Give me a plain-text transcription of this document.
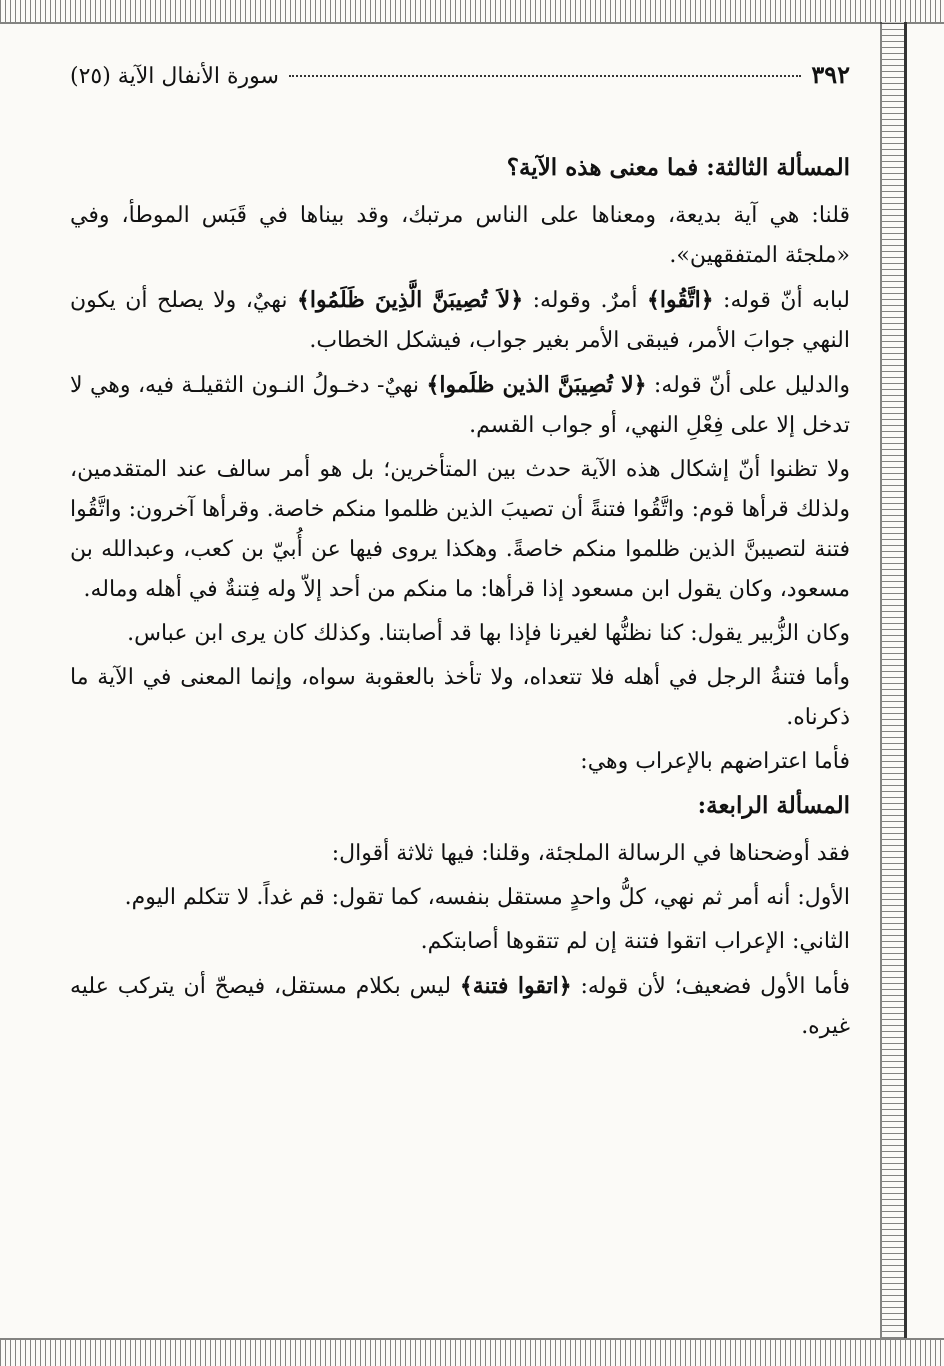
٣٩٢
سورة الأنفال الآية (٢٥)
المسألة الثالثة: فما معنى هذه الآية؟

قلنا: هي آية بديعة، ومعناها على الناس مرتبك، وقد بيناها في قَبَس الموطأ، وفي «ملجئة المتفقهين».

لبابه أنّ قوله: ﴿اتَّقُوا﴾ أمرٌ. وقوله: ﴿لاَ تُصِيبَنَّ الَّذِينَ ظَلَمُوا﴾ نهيٌ، ولا يصلح أن يكون النهي جوابَ الأمر، فيبقى الأمر بغير جواب، فيشكل الخطاب.

والدليل على أنّ قوله: ﴿لا تُصِيبَنَّ الذين ظلَموا﴾ نهيٌ- دخـولُ النـون الثقيلـة فيه، وهي لا تدخل إلا على فِعْلِ النهي، أو جواب القسم.

ولا تظنوا أنّ إشكال هذه الآية حدث بين المتأخرين؛ بل هو أمر سالف عند المتقدمين، ولذلك قرأها قوم: واتَّقُوا فتنةً أن تصيبَ الذين ظلموا منكم خاصة. وقرأها آخرون: واتَّقُوا فتنة لتصيبنَّ الذين ظلموا منكم خاصةً. وهكذا يروى فيها عن أُبيّ بن كعب، وعبدالله بن مسعود، وكان يقول ابن مسعود إذا قرأها: ما منكم من أحد إلاّ وله فِتنةٌ في أهله وماله.

وكان الزُّبير يقول: كنا نظنُّها لغيرنا فإذا بها قد أصابتنا. وكذلك كان يرى ابن عباس.

وأما فتنةُ الرجل في أهله فلا تتعداه، ولا تأخذ بالعقوبة سواه، وإنما المعنى في الآية ما ذكرناه.

فأما اعتراضهم بالإعراب وهي:

المسألة الرابعة:

فقد أوضحناها في الرسالة الملجئة، وقلنا: فيها ثلاثة أقوال:

الأول: أنه أمر ثم نهي، كلُّ واحدٍ مستقل بنفسه، كما تقول: قم غداً. لا تتكلم اليوم.

الثاني: الإعراب اتقوا فتنة إن لم تتقوها أصابتكم.

فأما الأول فضعيف؛ لأن قوله: ﴿اتقوا فتنة﴾ ليس بكلام مستقل، فيصحّ أن يتركب عليه غيره.
